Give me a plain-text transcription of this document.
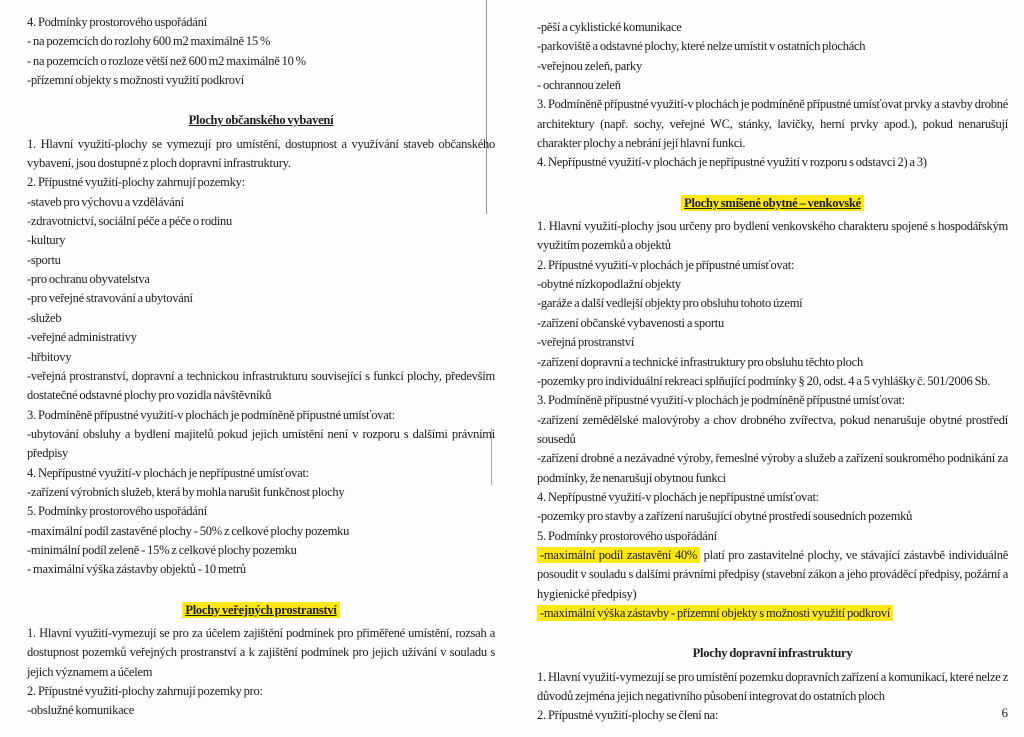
4. Podmínky prostorového uspořádání

- na pozemcích do rozlohy 600 m2 maximálně 15 %

- na pozemcích o rozloze větší než 600 m2 maximálně 10 %

-přízemní objekty s možnosti využití podkroví

Plochy občanského vybavení

1. Hlavní využití-plochy se vymezují pro umístění, dostupnost a využívání staveb občanského vybavení, jsou dostupné z ploch dopravní infrastruktury.

2. Přípustné využití-plochy zahrnují pozemky:

-staveb pro výchovu a vzdělávání

-zdravotnictví, sociální péče a péče o rodinu

-kultury

-sportu

-pro ochranu obyvatelstva

-pro veřejné stravování a ubytování

-služeb

-veřejné administrativy

-hřbitovy

-veřejná prostranství, dopravní a technickou infrastrukturu související s funkcí plochy, především dostatečné odstavné plochy pro vozidla návštěvníků

3. Podmíněně přípustné využití-v plochách je podmíněně přípustné umísťovat:

-ubytování obsluhy a bydlení majitelů pokud jejich umístění není v rozporu s dalšími právními předpisy

4. Nepřípustné využití-v plochách je nepřípustné umísťovat:

-zařízení výrobních služeb, která by mohla narušit funkčnost plochy

5. Podmínky prostorového uspořádání

-maximální podíl zastavěné plochy - 50% z celkové plochy pozemku

-minimální podíl zeleně - 15% z celkové plochy pozemku

- maximální výška zástavby objektů - 10 metrů

Plochy veřejných prostranství

1. Hlavní využití-vymezují se pro za účelem zajištění podmínek pro přiměřené umístění, rozsah a dostupnost pozemků veřejných prostranství a k zajištění podmínek pro jejich užívání v souladu s jejich významem a účelem

2. Přípustné využití-plochy zahrnují pozemky pro:

-obslužné komunikace

-pěší a cyklistické komunikace

-parkoviště a odstavné plochy, které nelze umístit v ostatních plochách

-veřejnou zeleň, parky

- ochrannou zeleň

3. Podmíněně přípustné využití-v plochách je podmíněně přípustné umísťovat prvky a stavby drobné architektury (např. sochy, veřejné WC, stánky, lavičky, herní prvky apod.), pokud nenarušují charakter plochy a nebrání její hlavní funkci.

4. Nepřípustné využití-v plochách je nepřípustné využití v rozporu s odstavci 2) a 3)

Plochy smíšené obytné – venkovské

1. Hlavní využití-plochy jsou určeny pro bydlení venkovského charakteru spojené s hospodářským využitím pozemků a objektů

2. Přípustné využití-v plochách je přípustné umísťovat:

-obytné nízkopodlažní objekty

-garáže a další vedlejší objekty pro obsluhu tohoto území

-zařízení občanské vybavenosti a sportu

-veřejná prostranství

-zařízení dopravní a technické infrastruktury pro obsluhu těchto ploch

-pozemky pro individuální rekreaci splňující podmínky § 20, odst. 4 a 5 vyhlášky č. 501/2006 Sb.

3. Podmíněně přípustné využití-v plochách je podmíněně přípustné umísťovat:

-zařízení zemědělské malovýroby a chov drobného zvířectva, pokud nenarušuje obytné prostředí sousedů

-zařízení drobné a nezávadné výroby, řemeslné výroby a služeb a zařízení soukromého podnikání za podmínky, že nenarušují obytnou funkci

4. Nepřípustné využití-v plochách je nepřípustné umísťovat:

-pozemky pro stavby a zařízení narušující obytné prostředí sousedních pozemků

5. Podmínky prostorového uspořádání

-maximální podíl zastavění 40% platí pro zastavitelné plochy, ve stávající zástavbě individuálně posoudit v souladu s dalšími právními předpisy (stavební zákon a jeho prováděcí předpisy, požární a hygienické předpisy)

-maximální výška zástavby - přízemní objekty s možnosti využití podkroví

Plochy dopravní infrastruktury

1. Hlavní využití-vymezují se pro umístění pozemku dopravních zařízení a komunikací, které nelze z důvodů zejména jejich negativního působení integrovat do ostatních ploch

2. Přípustné využití-plochy se člení na:	6
